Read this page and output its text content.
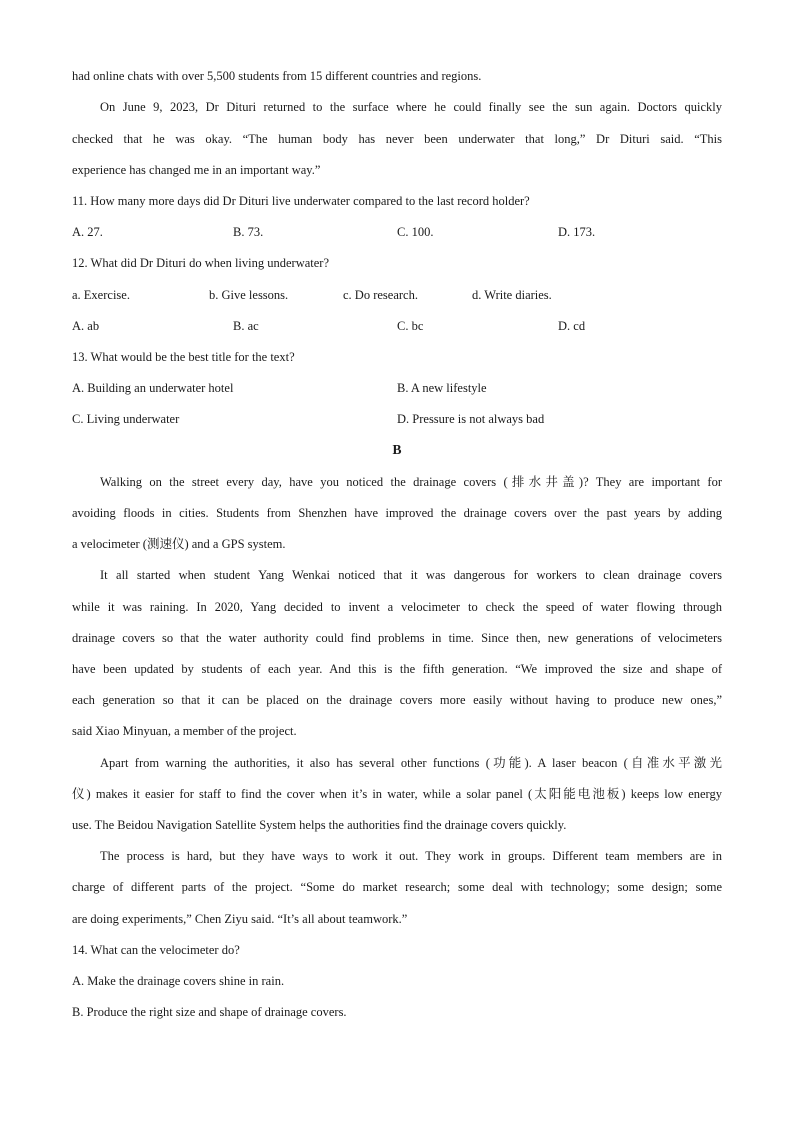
had online chats with over 5,500 students from 15 different countries and regions.
On June 9, 2023, Dr Dituri returned to the surface where he could finally see the sun again. Doctors quickly
checked that he was okay. “The human body has never been underwater that long,” Dr Dituri said. “This
experience has changed me in an important way.”
11. How many more days did Dr Dituri live underwater compared to the last record holder?
A. 27.	B. 73.	C. 100.	D. 173.
12. What did Dr Dituri do when living underwater?
a. Exercise.	b. Give lessons.	c. Do research.	d. Write diaries.
A. ab	B. ac	C. bc	D. cd
13. What would be the best title for the text?
A. Building an underwater hotel	B. A new lifestyle
C. Living underwater	D. Pressure is not always bad
B
Walking on the street every day, have you noticed the drainage covers (排水井盖)? They are important for
avoiding floods in cities. Students from Shenzhen have improved the drainage covers over the past years by adding
a velocimeter (测速仪) and a GPS system.
It all started when student Yang Wenkai noticed that it was dangerous for workers to clean drainage covers
while it was raining. In 2020, Yang decided to invent a velocimeter to check the speed of water flowing through
drainage covers so that the water authority could find problems in time. Since then, new generations of velocimeters
have been updated by students of each year. And this is the fifth generation. “We improved the size and shape of
each generation so that it can be placed on the drainage covers more easily without having to produce new ones,”
said Xiao Minyuan, a member of the project.
Apart from warning the authorities, it also has several other functions (功能). A laser beacon (自准水平激光
仪) makes it easier for staff to find the cover when it’s in water, while a solar panel (太阳能电池板) keeps low energy
use. The Beidou Navigation Satellite System helps the authorities find the drainage covers quickly.
The process is hard, but they have ways to work it out. They work in groups. Different team members are in
charge of different parts of the project. “Some do market research; some deal with technology; some design; some
are doing experiments,” Chen Ziyu said. “It’s all about teamwork.”
14. What can the velocimeter do?
A. Make the drainage covers shine in rain.
B. Produce the right size and shape of drainage covers.
